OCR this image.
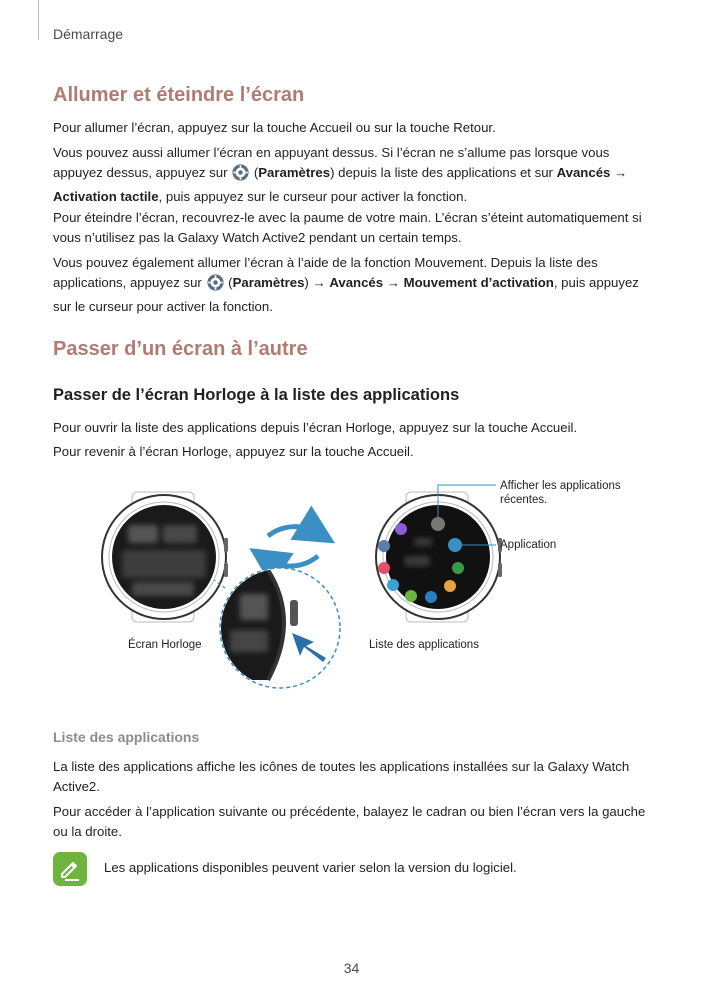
Démarrage
Allumer et éteindre l’écran

Pour allumer l’écran, appuyez sur la touche Accueil ou sur la touche Retour.

Vous pouvez aussi allumer l’écran en appuyant dessus. Si l’écran ne s’allume pas lorsque vous appuyez dessus, appuyez sur  (Paramètres) depuis la liste des applications et sur Avancés → Activation tactile, puis appuyez sur le curseur pour activer la fonction.

Pour éteindre l’écran, recouvrez-le avec la paume de votre main. L’écran s’éteint automatiquement si vous n’utilisez pas la Galaxy Watch Active2 pendant un certain temps.

Vous pouvez également allumer l’écran à l’aide de la fonction Mouvement. Depuis la liste des applications, appuyez sur  (Paramètres) → Avancés → Mouvement d’activation, puis appuyez sur le curseur pour activer la fonction.

Passer d’un écran à l’autre
Passer de l’écran Horloge à la liste des applications

Pour ouvrir la liste des applications depuis l’écran Horloge, appuyez sur la touche Accueil.

Pour revenir à l’écran Horloge, appuyez sur la touche Accueil.

Écran Horloge	Liste des applications
Afficher les applications
récentes.
Application
Liste des applications

La liste des applications affiche les icônes de toutes les applications installées sur la Galaxy Watch Active2.

Pour accéder à l’application suivante ou précédente, balayez le cadran ou bien l’écran vers la gauche ou la droite.

Les applications disponibles peuvent varier selon la version du logiciel.
34
